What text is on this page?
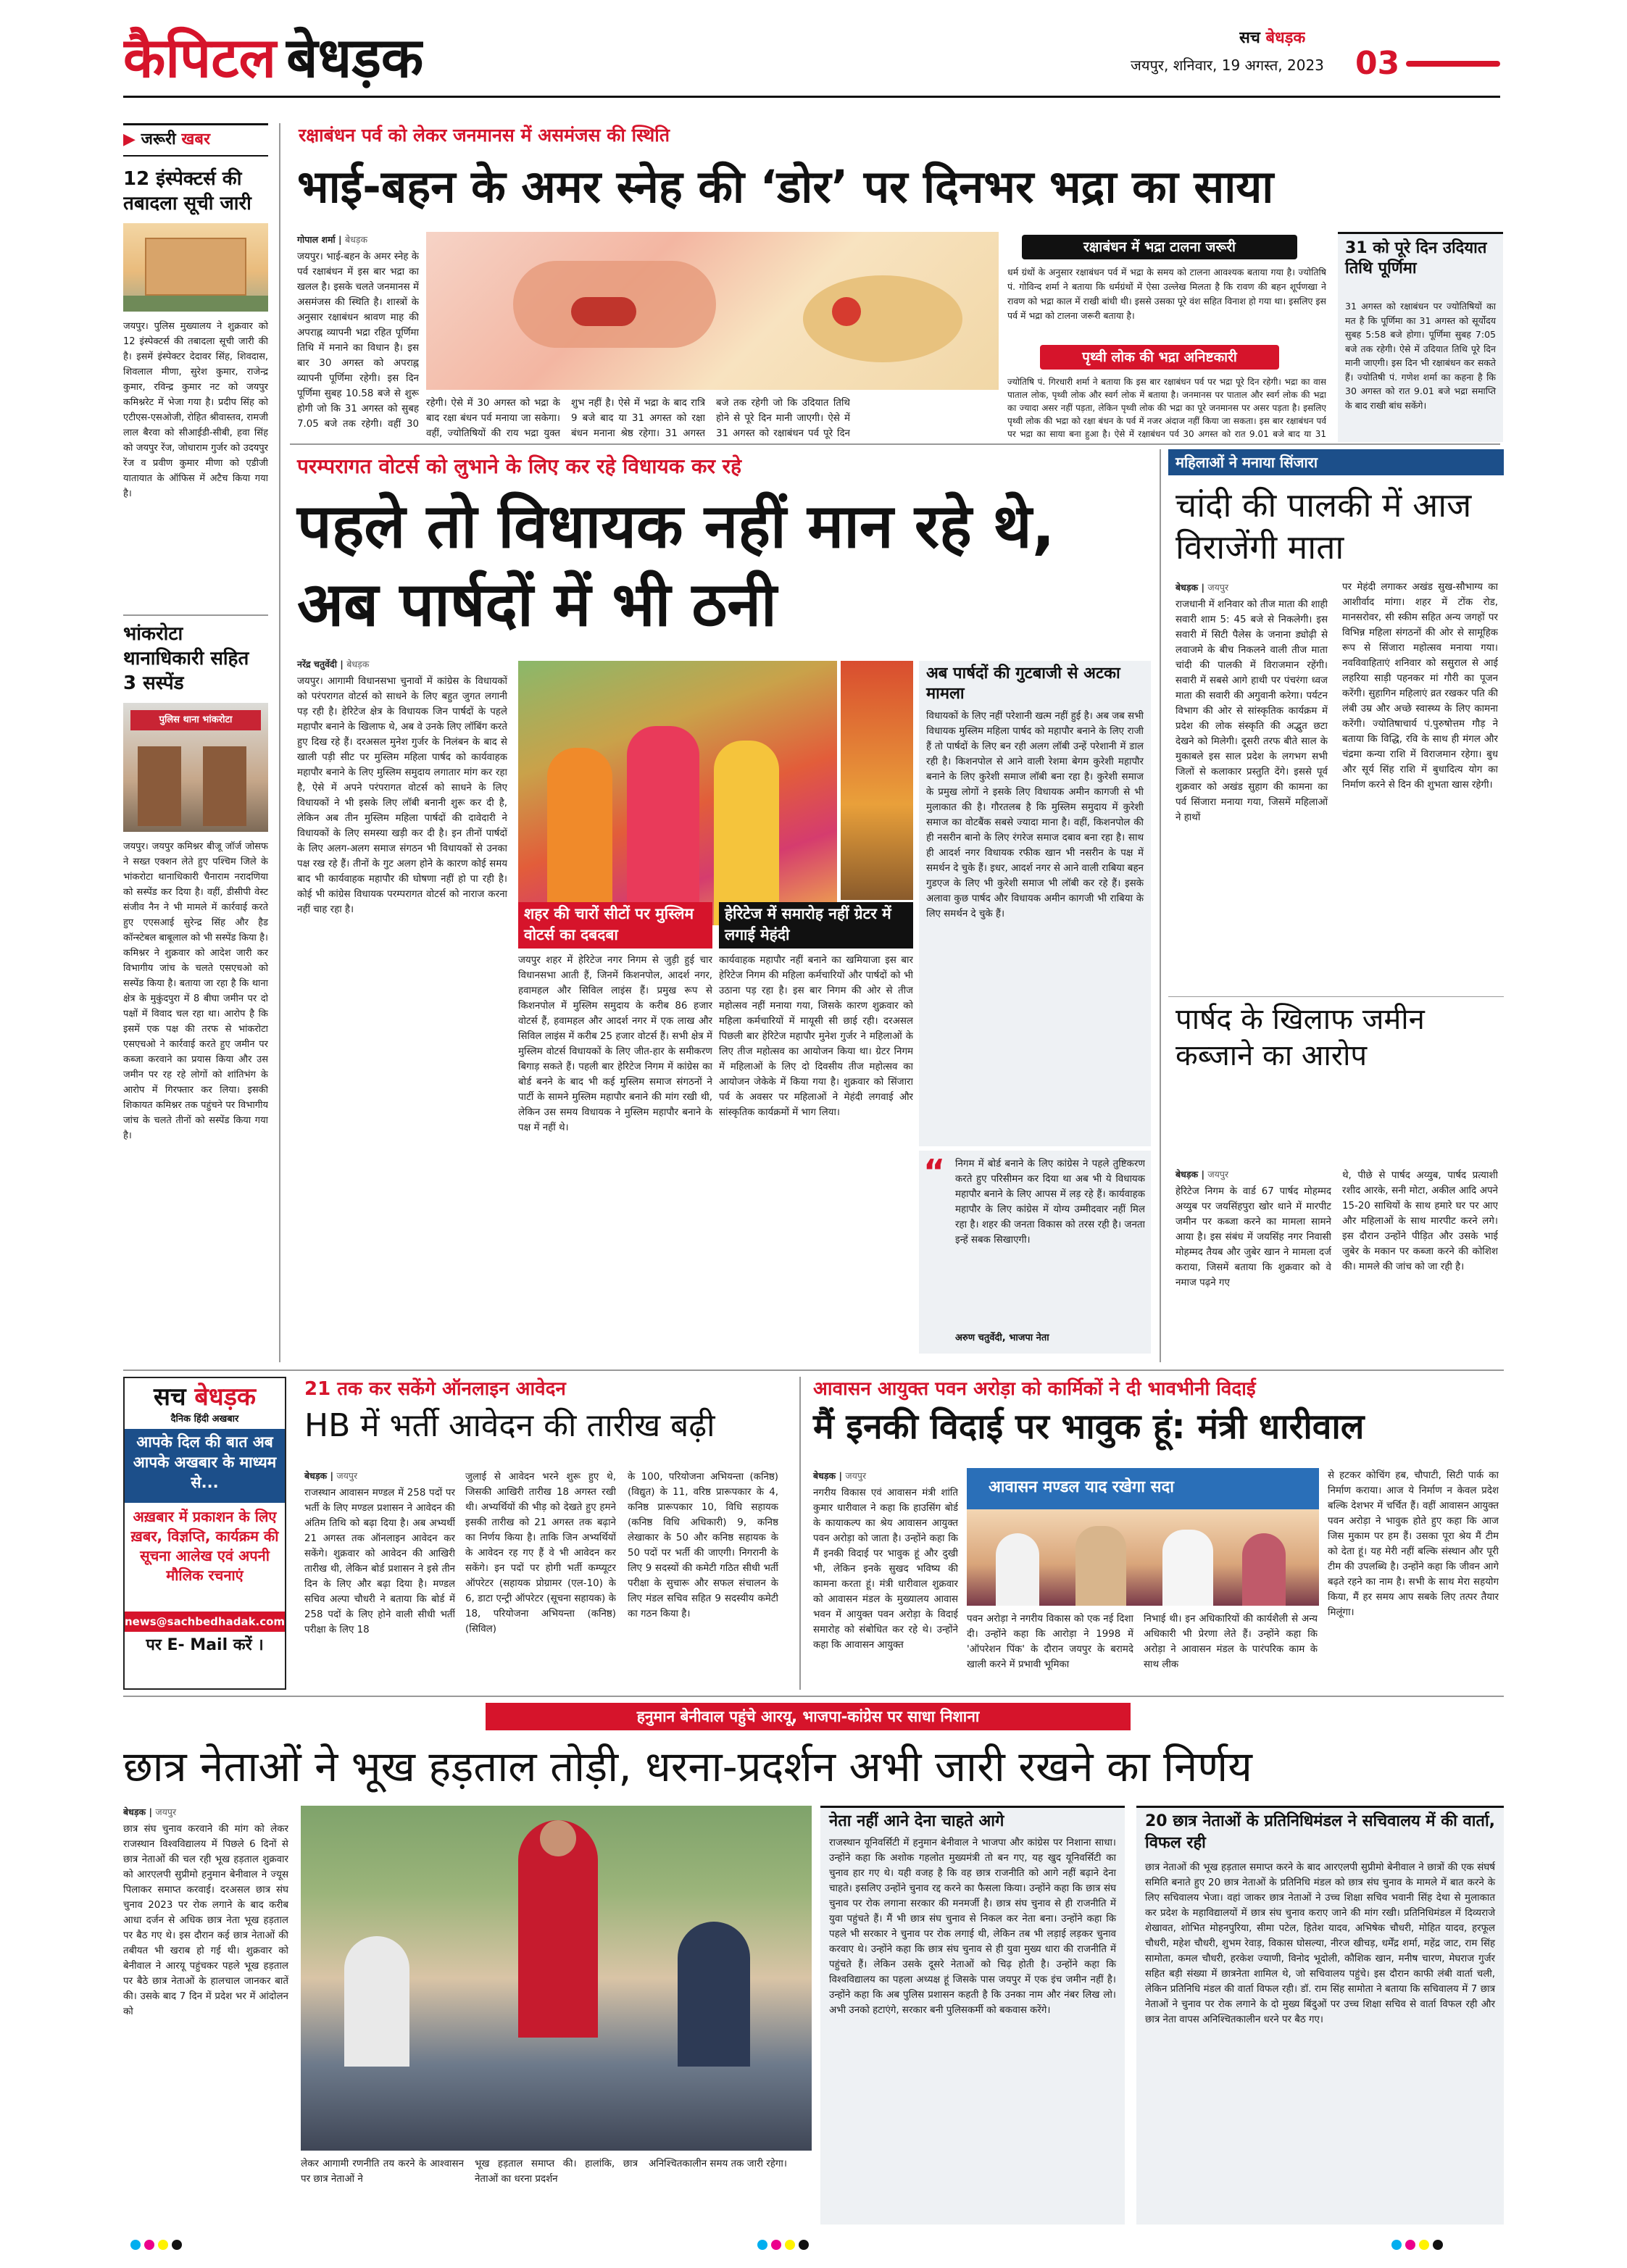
कैपिटल बेधड़क	सच बेधड़क
जयपुर, शनिवार, 19 अगस्त, 2023 03
▶ जरूरी खबर
12 इंस्पेक्टर्स की तबादला सूची जारी
जयपुर। पुलिस मुख्यालय ने शुक्रवार को 12 इंस्पेक्टर्स की तबादला सूची जारी की है। इसमें इंस्पेक्टर देदावर सिंह, शिवदास, शिवलाल मीणा, सुरेश कुमार, राजेन्द्र कुमार, रविन्द्र कुमार नट को जयपुर कमिश्नरेट में भेजा गया है। प्रदीप सिंह को एटीएस-एसओजी, रोहित श्रीवास्तव, रामजी लाल बैरवा को सीआईडी-सीबी, हवा सिंह को जयपुर रेंज, जोधाराम गुर्जर को उदयपुर रेंज व प्रवीण कुमार मीणा को एडीजी यातायात के ऑफिस में अटैच किया गया है।
भांकरोटा थानाधिकारी सहित 3 सस्पेंड
पुलिस थाना भांकरोटा
जयपुर। जयपुर कमिश्नर बीजू जॉर्ज जोसफ ने सख्त एक्शन लेते हुए पश्चिम जिले के भांकरोटा थानाधिकारी चैनाराम नरादणिया को सस्पेंड कर दिया है। वहीं, डीसीपी वेस्ट संजीव नैन ने भी मामले में कार्रवाई करते हुए एएसआई सुरेन्द्र सिंह और हैड कॉन्स्टेबल बाबूलाल को भी सस्पेंड किया है। कमिश्नर ने शुक्रवार को आदेश जारी कर विभागीय जांच के चलते एसएचओ को सस्पेंड किया है। बताया जा रहा है कि थाना क्षेत्र के मुकुंदपुरा में 8 बीघा जमीन पर दो पक्षों में विवाद चल रहा था। आरोप है कि इसमें एक पक्ष की तरफ से भांकरोटा एसएचओ ने कार्रवाई करते हुए जमीन पर कब्जा करवाने का प्रयास किया और उस जमीन पर रह रहे लोगों को शांतिभंग के आरोप में गिरफ्तार कर लिया। इसकी शिकायत कमिश्नर तक पहुंचने पर विभागीय जांच के चलते तीनों को सस्पेंड किया गया है।
रक्षाबंधन पर्व को लेकर जनमानस में असमंजस की स्थिति
भाई-बहन के अमर स्नेह की ‘डोर’ पर दिनभर भद्रा का साया
गोपाल शर्मा | बेधड़क
जयपुर। भाई-बहन के अमर स्नेह के पर्व रक्षाबंधन में इस बार भद्रा का खलल है। इसके चलते जनमानस में असमंजस की स्थिति है। शास्त्रों के अनुसार रक्षाबंधन श्रावण माह की अपराह्न व्यापनी भद्रा रहित पूर्णिमा तिथि में मनाने का विधान है। इस बार 30 अगस्त को अपराह्न व्यापनी पूर्णिमा रहेगी। इस दिन पूर्णिमा सुबह 10.58 बजे से शुरू होगी जो कि 31 अगस्त को सुबह 7.05 बजे तक रहेगी। वहीं 30
रहेगी। ऐसे में 30 अगस्त को भद्रा के बाद रक्षा बंधन पर्व मनाया जा सकेगा। वहीं, ज्योतिषियों की राय भद्रा युक्त
शुभ नहीं है। ऐसे में भद्रा के बाद रात्रि 9 बजे बाद या 31 अगस्त को रक्षा बंधन मनाना श्रेष्ठ रहेगा। 31 अगस्त
बजे तक रहेगी जो कि उदियात तिथि होने से पूरे दिन मानी जाएगी। ऐसे में 31 अगस्त को रक्षाबंधन पर्व पूरे दिन
रक्षाबंधन में भद्रा टालना जरूरी
धर्म ग्रंथों के अनुसार रक्षाबंधन पर्व में भद्रा के समय को टालना आवश्यक बताया गया है। ज्योतिषि पं. गोविन्द शर्मा ने बताया कि धर्मग्रंथों में ऐसा उल्लेख मिलता है कि रावण की बहन शूर्पणखा ने रावण को भद्रा काल में राखी बांधी थी। इससे उसका पूरे वंश सहित विनाश हो गया था। इसलिए इस पर्व में भद्रा को टालना जरूरी बताया है।
पृथ्वी लोक की भद्रा अनिष्टकारी
ज्योतिषि पं. गिरधारी शर्मा ने बताया कि इस बार रक्षाबंधन पर्व पर भद्रा पूरे दिन रहेगी। भद्रा का वास पाताल लोक, पृथ्वी लोक और स्वर्ग लोक में बताया है। जनमानस पर पाताल और स्वर्ग लोक की भद्रा का ज्यादा असर नहीं पड़ता, लेकिन पृथ्वी लोक की भद्रा का पूरे जनमानस पर असर पड़ता है। इसलिए पृथ्वी लोक की भद्रा को रक्षा बंधन के पर्व में नजर अंदाज नहीं किया जा सकता। इस बार रक्षाबंधन पर्व पर भद्रा का साया बना हुआ है। ऐसे में रक्षाबंधन पर्व 30 अगस्त को रात 9.01 बजे बाद या 31
31 को पूरे दिन उदियात तिथि पूर्णिमा
31 अगस्त को रक्षाबंधन पर ज्योतिषियों का मत है कि पूर्णिमा का 31 अगस्त को सूर्योदय सुबह 5:58 बजे होगा। पूर्णिमा सुबह 7:05 बजे तक रहेगी। ऐसे में उदियात तिथि पूरे दिन मानी जाएगी। इस दिन भी रक्षाबंधन कर सकते हैं। ज्योतिषी पं. गणेश शर्मा का कहना है कि 30 अगस्त को रात 9.01 बजे भद्रा समाप्ति के बाद राखी बांध सकेंगे।
परम्परागत वोटर्स को लुभाने के लिए कर रहे विधायक कर रहे
पहले तो विधायक नहीं मान रहे थे, अब पार्षदों में भी ठनी
नरेंद्र चतुर्वेदी | बेधड़क
जयपुर। आगामी विधानसभा चुनावों में कांग्रेस के विधायकों को परंपरागत वोटर्स को साधने के लिए बहुत जुगत लगानी पड़ रही है। हेरिटेज क्षेत्र के विधायक जिन पार्षदों के पहले महापौर बनाने के खिलाफ थे, अब वे उनके लिए लॉबिंग करते हुए दिख रहे हैं। दरअसल मुनेश गुर्जर के निलंबन के बाद से खाली पड़ी सीट पर मुस्लिम महिला पार्षद को कार्यवाहक महापौर बनाने के लिए मुस्लिम समुदाय लगातार मांग कर रहा है, ऐसे में अपने परंपरागत वोटर्स को साधने के लिए विधायकों ने भी इसके लिए लॉबी बनानी शुरू कर दी है, लेकिन अब तीन मुस्लिम महिला पार्षदों की दावेदारी ने विधायकों के लिए समस्या खड़ी कर दी है। इन तीनों पार्षदों के लिए अलग-अलग समाज संगठन भी विधायकों से उनका पक्ष रख रहे हैं। तीनों के गुट अलग होने के कारण कोई समय बाद भी कार्यवाहक महापौर की घोषणा नहीं हो पा रही है। कोई भी कांग्रेस विधायक परम्परागत वोटर्स को नाराज करना नहीं चाह रहा है।	शहर की चारों सीटों पर मुस्लिम वोटर्स का दबदबा
हेरिटेज में समारोह नहीं ग्रेटर में लगाई मेहंदी
जयपुर शहर में हेरिटेज नगर निगम से जुड़ी हुई चार विधानसभा आती हैं, जिनमें किशनपोल, आदर्श नगर, हवामहल और सिविल लाइंस हैं। प्रमुख रूप से किशनपोल में मुस्लिम समुदाय के करीब 86 हजार वोटर्स हैं, हवामहल और आदर्श नगर में एक लाख और सिविल लाइंस में करीब 25 हजार वोटर्स हैं। सभी क्षेत्र में मुस्लिम वोटर्स विधायकों के लिए जीत-हार के समीकरण बिगाड़ सकते हैं। पहली बार हेरिटेज निगम में कांग्रेस का बोर्ड बनने के बाद भी कई मुस्लिम समाज संगठनों ने पार्टी के सामने मुस्लिम महापौर बनाने की मांग रखी थी, लेकिन उस समय विधायक ने मुस्लिम महापौर बनाने के पक्ष में नहीं थे।
कार्यवाहक महापौर नहीं बनाने का खमियाजा इस बार हेरिटेज निगम की महिला कर्मचारियों और पार्षदों को भी उठाना पड़ रहा है। इस बार निगम की ओर से तीज महोत्सव नहीं मनाया गया, जिसके कारण शुक्रवार को महिला कर्मचारियों में मायूसी सी छाई रही। दरअसल पिछली बार हेरिटेज महापौर मुनेश गुर्जर ने महिलाओं के लिए तीज महोत्सव का आयोजन किया था। ग्रेटर निगम में महिलाओं के लिए दो दिवसीय तीज महोत्सव का आयोजन जेकेके में किया गया है। शुक्रवार को सिंजारा पर्व के अवसर पर महिलाओं ने मेहंदी लगवाई और सांस्कृतिक कार्यक्रमों में भाग लिया।
अब पार्षदों की गुटबाजी से अटका मामला
विधायकों के लिए नहीं परेशानी खत्म नहीं हुई है। अब जब सभी विधायक मुस्लिम महिला पार्षद को महापौर बनाने के लिए राजी हैं तो पार्षदों के लिए बन रही अलग लॉबी उन्हें परेशानी में डाल रही है। किशनपोल से आने वाली रेशमा बेगम कुरेशी महापौर बनाने के लिए कुरेशी समाज लॉबी बना रहा है। कुरेशी समाज के प्रमुख लोगों ने इसके लिए विधायक अमीन कागजी से भी मुलाकात की है। गौरतलब है कि मुस्लिम समुदाय में कुरेशी समाज का वोटबैंक सबसे ज्यादा माना है। वहीं, किशनपोल की ही नसरीन बानो के लिए रंगरेज समाज दबाव बना रहा है। साथ ही आदर्श नगर विधायक रफीक खान भी नसरीन के पक्ष में समर्थन दे चुके हैं। इधर, आदर्श नगर से आने वाली राबिया बहन गुडएज के लिए भी कुरेशी समाज भी लॉबी कर रहे हैं। इसके अलावा कुछ पार्षद और विधायक अमीन कागजी भी राबिया के लिए समर्थन दे चुके हैं।
“ निगम में बोर्ड बनाने के लिए कांग्रेस ने पहले तुष्टिकरण करते हुए परिसीमन कर दिया था अब भी ये विधायक महापौर बनाने के लिए आपस में लड़ रहे हैं। कार्यवाहक महापौर के लिए कांग्रेस में योग्य उम्मीदवार नहीं मिल रहा है। शहर की जनता विकास को तरस रही है। जनता इन्हें सबक सिखाएगी।
अरुण चतुर्वेदी, भाजपा नेता
महिलाओं ने मनाया सिंजारा
चांदी की पालकी में आज विराजेंगी माता
बेधड़क | जयपुर
राजधानी में शनिवार को तीज माता की शाही सवारी शाम 5: 45 बजे से निकलेगी। इस सवारी में सिटी पैलेस के जनाना ड्योढ़ी से लवाजमे के बीच निकलने वाली तीज माता चांदी की पालकी में विराजमान रहेंगी। सवारी में सबसे आगे हाथी पर पंचरंगा ध्वज माता की सवारी की अगुवानी करेगा। पर्यटन विभाग की ओर से सांस्कृतिक कार्यक्रम में प्रदेश की लोक संस्कृति की अद्भुत छटा देखने को मिलेगी। दूसरी तरफ बीते साल के मुकाबले इस साल प्रदेश के लगभग सभी जिलों से कलाकार प्रस्तुति देंगे। इससे पूर्व शुक्रवार को अखंड सुहाग की कामना का पर्व सिंजारा मनाया गया, जिसमें महिलाओं ने हाथों
पर मेहंदी लगाकर अखंड सुख-सौभाग्य का आशीर्वाद मांगा। शहर में टोंक रोड, मानसरोवर, सी स्कीम सहित अन्य जगहों पर विभिन्न महिला संगठनों की ओर से सामूहिक रूप से सिंजारा महोत्सव मनाया गया। नवविवाहिताएं शनिवार को ससुराल से आई लहरिया साड़ी पहनकर मां गौरी का पूजन करेंगी। सुहागिन महिलाएं व्रत रखकर पति की लंबी उम्र और अच्छे स्वास्थ्य के लिए कामना करेंगी। ज्योतिषाचार्य पं.पुरुषोत्तम गौड़ ने बताया कि विद्धि, रवि के साथ ही मंगल और चंद्रमा कन्या राशि में विराजमान रहेगा। बुध और सूर्य सिंह राशि में बुधादित्य योग का निर्माण करने से दिन की शुभता खास रहेगी।
पार्षद के खिलाफ जमीन कब्जाने का आरोप
बेधड़क | जयपुर
हेरिटेज निगम के वार्ड 67 पार्षद मोहम्मद अय्युब पर जयसिंहपुरा खोर थाने में मारपीट जमीन पर कब्जा करने का मामला सामने आया है। इस संबंध में जयसिंह नगर निवासी मोहम्मद तैयब और जुबेर खान ने मामला दर्ज कराया, जिसमें बताया कि शुक्रवार को वे नमाज पढ़ने गए
थे, पीछे से पार्षद अय्युब, पार्षद प्रत्याशी रशीद आरके, सनी मोटा, अकील आदि अपने 15-20 साथियों के साथ हमारे घर पर आए और महिलाओं के साथ मारपीट करने लगे। इस दौरान उन्होंने पीड़ित और उसके भाई जुबेर के मकान पर कब्जा करने की कोशिश की। मामले की जांच को जा रही है।
सच बेधड़क
दैनिक हिंदी अखबार
आपके दिल की बात अब आपके अखबार के माध्यम से...
अख़बार में प्रकाशन के लिए ख़बर, विज्ञप्ति, कार्यक्रम की सूचना आलेख एवं अपनी मौलिक रचनाएं
news@sachbedhadak.com
पर E- Mail करें ।
21 तक कर सकेंगे ऑनलाइन आवेदन
HB में भर्ती आवेदन की तारीख बढ़ी
बेधड़क | जयपुर
राजस्थान आवासन मण्डल में 258 पदों पर भर्ती के लिए मण्डल प्रशासन ने आवेदन की अंतिम तिथि को बढ़ा दिया है। अब अभ्यर्थी 21 अगस्त तक ऑनलाइन आवेदन कर सकेंगे। शुक्रवार को आवेदन की आखिरी तारीख थी, लेकिन बोर्ड प्रशासन ने इसे तीन दिन के लिए और बढ़ा दिया है। मण्डल सचिव अल्पा चौधरी ने बताया कि बोर्ड में 258 पदों के लिए होने वाली सीधी भर्ती परीक्षा के लिए 18
जुलाई से आवेदन भरने शुरू हुए थे, जिसकी आखिरी तारीख 18 अगस्त रखी थी। अभ्यर्थियों की भीड़ को देखते हुए हमने इसकी तारीख को 21 अगस्त तक बढ़ाने का निर्णय किया है। ताकि जिन अभ्यर्थियों के आवेदन रह गए हैं वे भी आवेदन कर सकेंगे। इन पदों पर होगी भर्ती कम्प्यूटर ऑपरेटर (सहायक प्रोग्रामर (एल-10) के 6, डाटा एन्ट्री ऑपरेटर (सूचना सहायक) के 18, परियोजना अभियन्ता (कनिष्ठ) (सिविल)
के 100, परियोजना अभियन्ता (कनिष्ठ) (विद्युत) के 11, वरिष्ठ प्रारूपकार के 4, कनिष्ठ प्रारूपकार 10, विधि सहायक (कनिष्ठ विधि अधिकारी) 9, कनिष्ठ लेखाकार के 50 और कनिष्ठ सहायक के 50 पदों पर भर्ती की जाएगी। निगरानी के लिए 9 सदस्यों की कमेटी गठित सीधी भर्ती परीक्षा के सुचारू और सफल संचालन के लिए मंडल सचिव सहित 9 सदस्यीय कमेटी का गठन किया है।
आवासन आयुक्त पवन अरोड़ा को कार्मिकों ने दी भावभीनी विदाई
मैं इनकी विदाई पर भावुक हूं: मंत्री धारीवाल
बेधड़क | जयपुर
नगरीय विकास एवं आवासन मंत्री शांति कुमार धारीवाल ने कहा कि हाउसिंग बोर्ड के कायाकल्प का श्रेय आवासन आयुक्त पवन अरोड़ा को जाता है। उन्होंने कहा कि मैं इनकी विदाई पर भावुक हूं और दुखी भी, लेकिन इनके सुखद भविष्य की कामना करता हूं। मंत्री धारीवाल शुक्रवार को आवासन मंडल के मुख्यालय आवास भवन में आयुक्त पवन अरोड़ा के विदाई समारोह को संबोधित कर रहे थे। उन्होंने कहा कि आवासन आयुक्त
आवासन मण्डल याद रखेगा सदा
पवन अरोड़ा ने नगरीय विकास को एक नई दिशा दी। उन्होंने कहा कि आरोड़ा ने 1998 में 'ऑपरेशन पिंक' के दौरान जयपुर के बरामदे खाली करने में प्रभावी भूमिका
निभाई थी। इन अधिकारियों की कार्यशैली से अन्य अधिकारी भी प्रेरणा लेते हैं। उन्होंने कहा कि अरोड़ा ने आवासन मंडल के पारंपरिक काम के साथ लीक
से हटकर कोचिंग हब, चौपाटी, सिटी पार्क का निर्माण कराया। आज ये निर्माण न केवल प्रदेश बल्कि देशभर में चर्चित हैं। वहीं आवासन आयुक्त पवन अरोड़ा ने भावुक होते हुए कहा कि आज जिस मुकाम पर हम हैं। उसका पूरा श्रेय मैं टीम को देता हूं। यह मेरी नहीं बल्कि संस्थान और पूरी टीम की उपलब्धि है। उन्होंने कहा कि जीवन आगे बढ़ते रहने का नाम है। सभी के साथ मेरा सहयोग किया, मैं हर समय आप सबके लिए तत्पर तैयार मिलूंगा।
हनुमान बेनीवाल पहुंचे आरयू, भाजपा-कांग्रेस पर साधा निशाना
छात्र नेताओं ने भूख हड़ताल तोड़ी, धरना-प्रदर्शन अभी जारी रखने का निर्णय
बेधड़क | जयपुर
छात्र संघ चुनाव करवाने की मांग को लेकर राजस्थान विश्वविद्यालय में पिछले 6 दिनों से छात्र नेताओं की चल रही भूख हड़ताल शुक्रवार को आरएलपी सुप्रीमो हनुमान बेनीवाल ने ज्यूस पिलाकर समाप्त करवाई। दरअसल छात्र संघ चुनाव 2023 पर रोक लगाने के बाद करीब आधा दर्जन से अधिक छात्र नेता भूख हड़ताल पर बैठ गए थे। इस दौरान कई छात्र नेताओं की तबीयत भी खराब हो गई थी। शुक्रवार को बेनीवाल ने आरयू पहुंचकर पहले भूख हड़ताल पर बैठे छात्र नेताओं के हालचाल जानकर बातें की। उसके बाद 7 दिन में प्रदेश भर में आंदोलन को
लेकर आगामी रणनीति तय करने के आश्वासन पर छात्र नेताओं ने
भूख हड़ताल समाप्त की। हालांकि, छात्र नेताओं का धरना प्रदर्शन
अनिश्चितकालीन समय तक जारी रहेगा।
नेता नहीं आने देना चाहते आगे
राजस्थान यूनिवर्सिटी में हनुमान बेनीवाल ने भाजपा और कांग्रेस पर निशाना साधा। उन्होंने कहा कि अशोक गहलोत मुख्यमंत्री तो बन गए, यह खुद यूनिवर्सिटी का चुनाव हार गए थे। यही वजह है कि वह छात्र राजनीति को आगे नहीं बढ़ाने देना चाहते। इसलिए उन्होंने चुनाव रद्द करने का फैसला किया। उन्होंने कहा कि छात्र संघ चुनाव पर रोक लगाना सरकार की मनमर्जी है। छात्र संघ चुनाव से ही राजनीति में युवा पहुंचते हैं। मैं भी छात्र संघ चुनाव से निकल कर नेता बना। उन्होंने कहा कि पहले भी सरकार ने चुनाव पर रोक लगाई थी, लेकिन तब भी लड़ाई लड़कर चुनाव करवाए थे। उन्होंने कहा कि छात्र संघ चुनाव से ही युवा मुख्य धारा की राजनीति में पहुंचते हैं। लेकिन उसके दूसरे नेताओं को चिढ़ होती है। उन्होंने कहा कि विश्वविद्यालय का पहला अध्यक्ष हूं जिसके पास जयपुर में एक इंच जमीन नहीं है। उन्होंने कहा कि अब पुलिस प्रशासन कहती है कि उनका नाम और नंबर लिख लो। अभी उनको हटाएंगे, सरकार बनी पुलिसकर्मी को बकवास करेंगे।
20 छात्र नेताओं के प्रतिनिधिमंडल ने सचिवालय में की वार्ता, विफल रही
छात्र नेताओं की भूख हड़ताल समाप्त करने के बाद आरएलपी सुप्रीमो बेनीवाल ने छात्रों की एक संघर्ष समिति बनाते हुए 20 छात्र नेताओं के प्रतिनिधि मंडल को छात्र संघ चुनाव के मामले में बात करने के लिए सचिवालय भेजा। वहां जाकर छात्र नेताओं ने उच्च शिक्षा सचिव भवानी सिंह देथा से मुलाकात कर प्रदेश के महाविद्यालयों में छात्र संघ चुनाव कराए जाने की मांग रखी। प्रतिनिधिमंडल में दिव्यराजे शेखावत, शोभित मोहनपुरिया, सीमा पटेल, हितेश यादव, अभिषेक चौधरी, मोहित यादव, हरफूल चौधरी, महेश चौधरी, शुभम रेवाड़, विकास घोसल्या, नीरज खीचड़, धर्मेंद्र शर्मा, महेंद्र जाट, राम सिंह सामोता, कमल चौधरी, हरकेश ज्याणी, विनोद भूदोली, कौशिक खान, मनीष चारण, मेघराज गुर्जर सहित बड़ी संख्या में छात्रनेता शामिल थे, जो सचिवालय पहुंचे। इस दौरान काफी लंबी वार्ता चली, लेकिन प्रतिनिधि मंडल की वार्ता विफल रही। डॉ. राम सिंह सामोता ने बताया कि सचिवालय में 7 छात्र नेताओं ने चुनाव पर रोक लगाने के दो मुख्य बिंदुओं पर उच्च शिक्षा सचिव से वार्ता विफल रही और छात्र नेता वापस अनिश्चितकालीन धरने पर बैठ गए।
